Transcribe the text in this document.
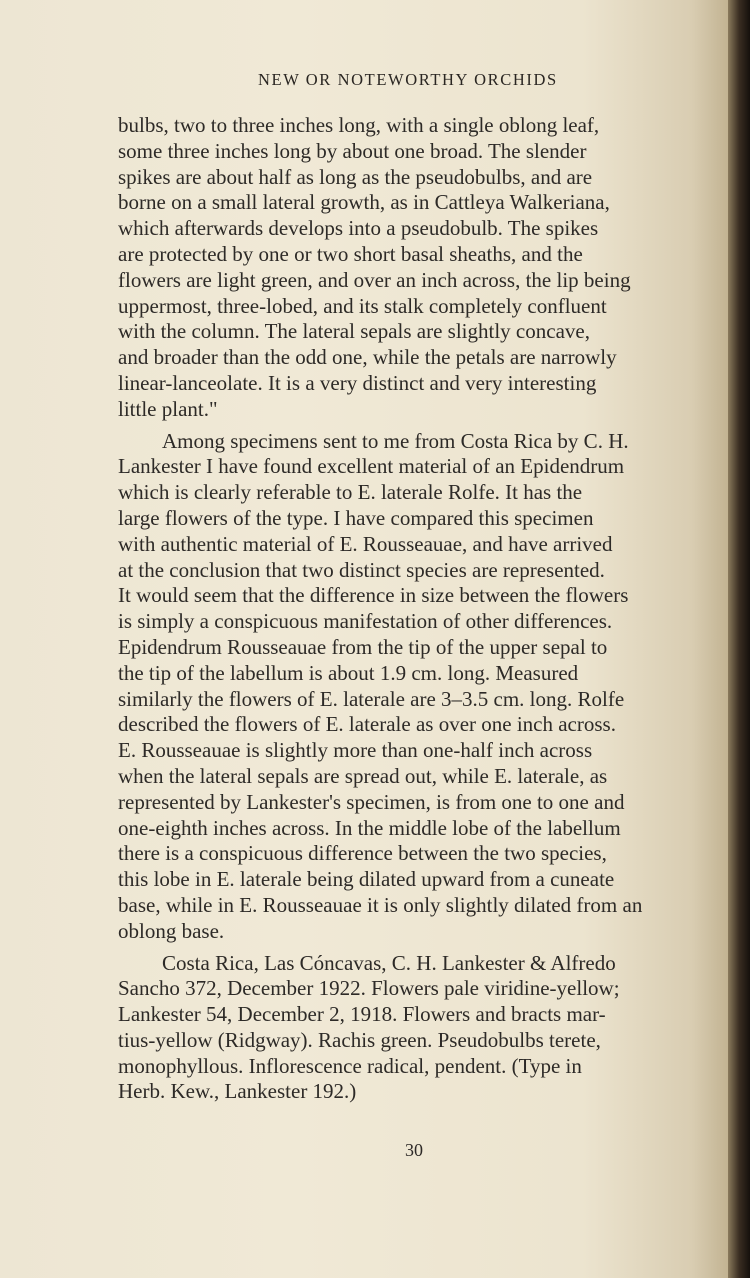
NEW OR NOTEWORTHY ORCHIDS
bulbs, two to three inches long, with a single oblong leaf,
some three inches long by about one broad. The slender
spikes are about half as long as the pseudobulbs, and are
borne on a small lateral growth, as in Cattleya Walkeriana,
which afterwards develops into a pseudobulb. The spikes
are protected by one or two short basal sheaths, and the
flowers are light green, and over an inch across, the lip being
uppermost, three-lobed, and its stalk completely confluent
with the column. The lateral sepals are slightly concave,
and broader than the odd one, while the petals are narrowly
linear-lanceolate. It is a very distinct and very interesting
little plant."
Among specimens sent to me from Costa Rica by C. H.
Lankester I have found excellent material of an Epidendrum
which is clearly referable to E. laterale Rolfe. It has the
large flowers of the type. I have compared this specimen
with authentic material of E. Rousseauae, and have arrived
at the conclusion that two distinct species are represented.
It would seem that the difference in size between the flowers
is simply a conspicuous manifestation of other differences.
Epidendrum Rousseauae from the tip of the upper sepal to
the tip of the labellum is about 1.9 cm. long. Measured
similarly the flowers of E. laterale are 3–3.5 cm. long. Rolfe
described the flowers of E. laterale as over one inch across.
E. Rousseauae is slightly more than one-half inch across
when the lateral sepals are spread out, while E. laterale, as
represented by Lankester's specimen, is from one to one and
one-eighth inches across. In the middle lobe of the labellum
there is a conspicuous difference between the two species,
this lobe in E. laterale being dilated upward from a cuneate
base, while in E. Rousseauae it is only slightly dilated from an
oblong base.
Costa Rica, Las Cóncavas, C. H. Lankester & Alfredo
Sancho 372, December 1922. Flowers pale viridine-yellow;
Lankester 54, December 2, 1918. Flowers and bracts mar-
tius-yellow (Ridgway). Rachis green. Pseudobulbs terete,
monophyllous. Inflorescence radical, pendent. (Type in
Herb. Kew., Lankester 192.)
30
